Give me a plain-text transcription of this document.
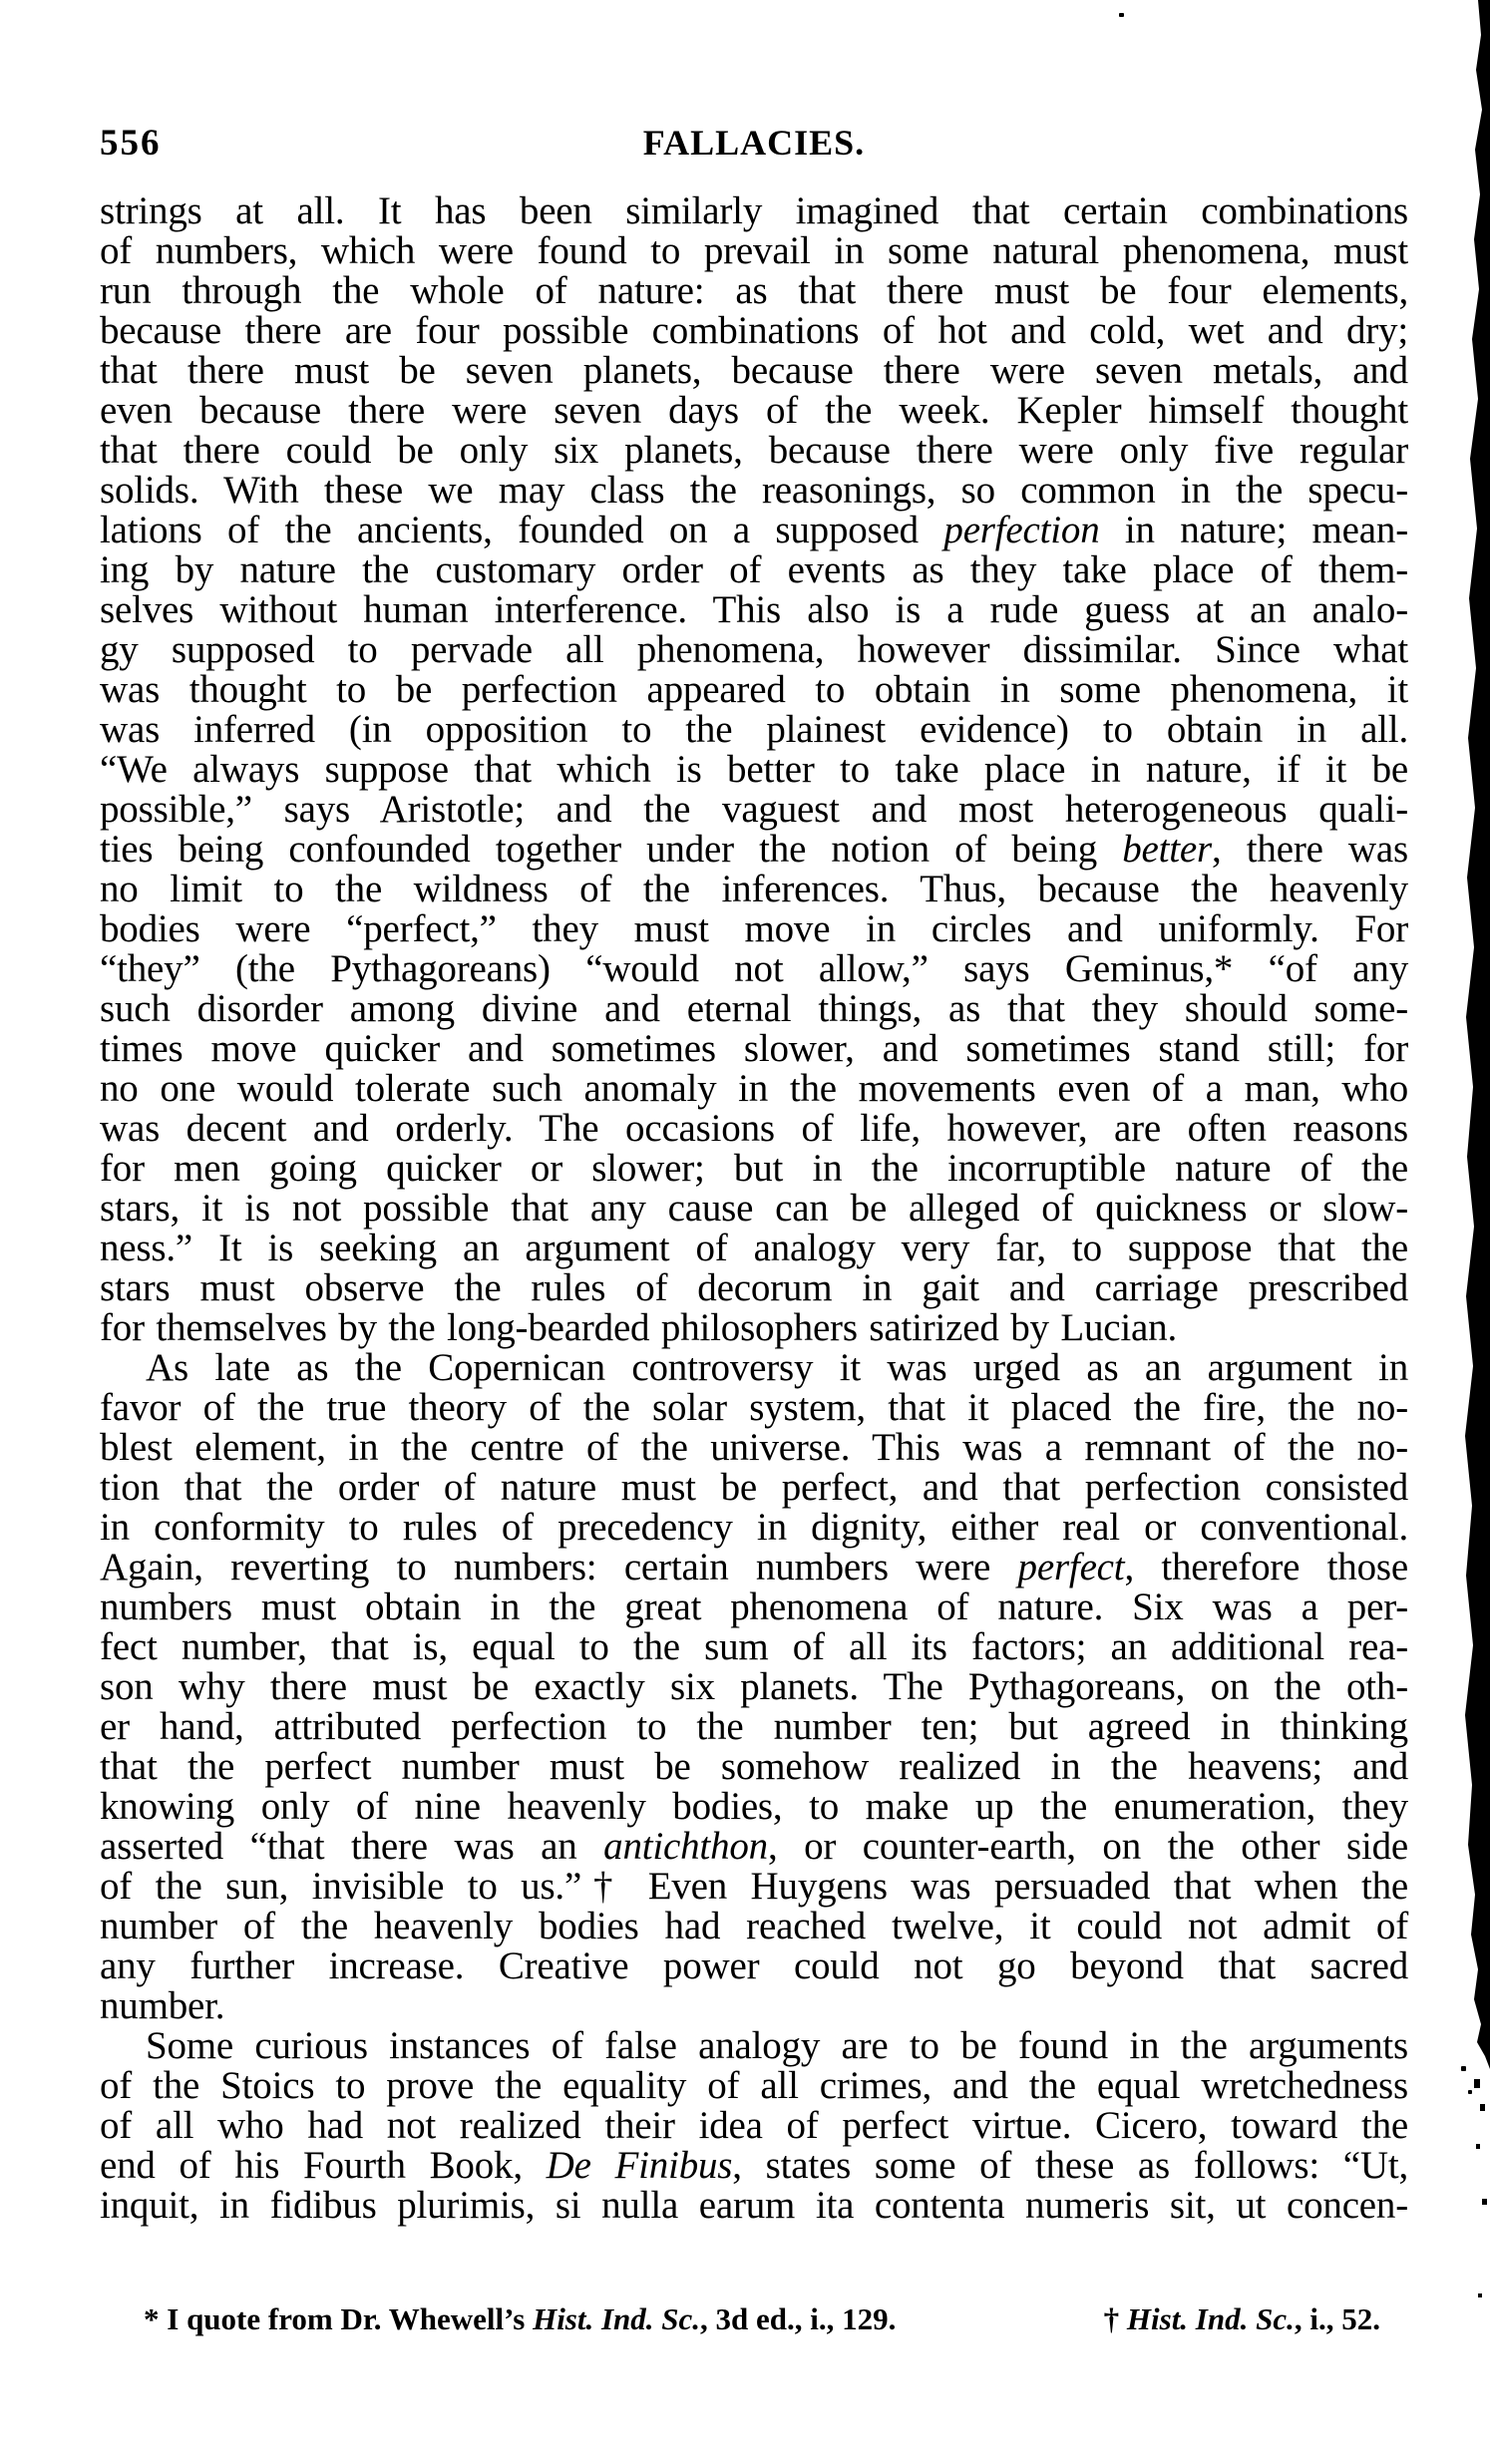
556	FALLACIES.
strings at all. It has been similarly imagined that certain combinations
of numbers, which were found to prevail in some natural phenomena, must
run through the whole of nature: as that there must be four elements,
because there are four possible combinations of hot and cold, wet and dry;
that there must be seven planets, because there were seven metals, and
even because there were seven days of the week. Kepler himself thought
that there could be only six planets, because there were only five regular
solids. With these we may class the reasonings, so common in the specu-
lations of the ancients, founded on a supposed perfection in nature; mean-
ing by nature the customary order of events as they take place of them-
selves without human interference. This also is a rude guess at an analo-
gy supposed to pervade all phenomena, however dissimilar. Since what
was thought to be perfection appeared to obtain in some phenomena, it
was inferred (in opposition to the plainest evidence) to obtain in all.
“We always suppose that which is better to take place in nature, if it be
possible,” says Aristotle; and the vaguest and most heterogeneous quali-
ties being confounded together under the notion of being better, there was
no limit to the wildness of the inferences. Thus, because the heavenly
bodies were “perfect,” they must move in circles and uniformly. For
“they” (the Pythagoreans) “would not allow,” says Geminus,* “of any
such disorder among divine and eternal things, as that they should some-
times move quicker and sometimes slower, and sometimes stand still; for
no one would tolerate such anomaly in the movements even of a man, who
was decent and orderly. The occasions of life, however, are often reasons
for men going quicker or slower; but in the incorruptible nature of the
stars, it is not possible that any cause can be alleged of quickness or slow-
ness.” It is seeking an argument of analogy very far, to suppose that the
stars must observe the rules of decorum in gait and carriage prescribed
for themselves by the long-bearded philosophers satirized by Lucian.
As late as the Copernican controversy it was urged as an argument in
favor of the true theory of the solar system, that it placed the fire, the no-
blest element, in the centre of the universe. This was a remnant of the no-
tion that the order of nature must be perfect, and that perfection consisted
in conformity to rules of precedency in dignity, either real or conventional.
Again, reverting to numbers: certain numbers were perfect, therefore those
numbers must obtain in the great phenomena of nature. Six was a per-
fect number, that is, equal to the sum of all its factors; an additional rea-
son why there must be exactly six planets. The Pythagoreans, on the oth-
er hand, attributed perfection to the number ten; but agreed in thinking
that the perfect number must be somehow realized in the heavens; and
knowing only of nine heavenly bodies, to make up the enumeration, they
asserted “that there was an antichthon, or counter-earth, on the other side
of the sun, invisible to us.”† Even Huygens was persuaded that when the
number of the heavenly bodies had reached twelve, it could not admit of
any further increase. Creative power could not go beyond that sacred
number.
Some curious instances of false analogy are to be found in the arguments
of the Stoics to prove the equality of all crimes, and the equal wretchedness
of all who had not realized their idea of perfect virtue. Cicero, toward the
end of his Fourth Book, De Finibus, states some of these as follows: “Ut,
inquit, in fidibus plurimis, si nulla earum ita contenta numeris sit, ut concen-
* I quote from Dr. Whewell’s Hist. Ind. Sc., 3d ed., i., 129.	† Hist. Ind. Sc., i., 52.
